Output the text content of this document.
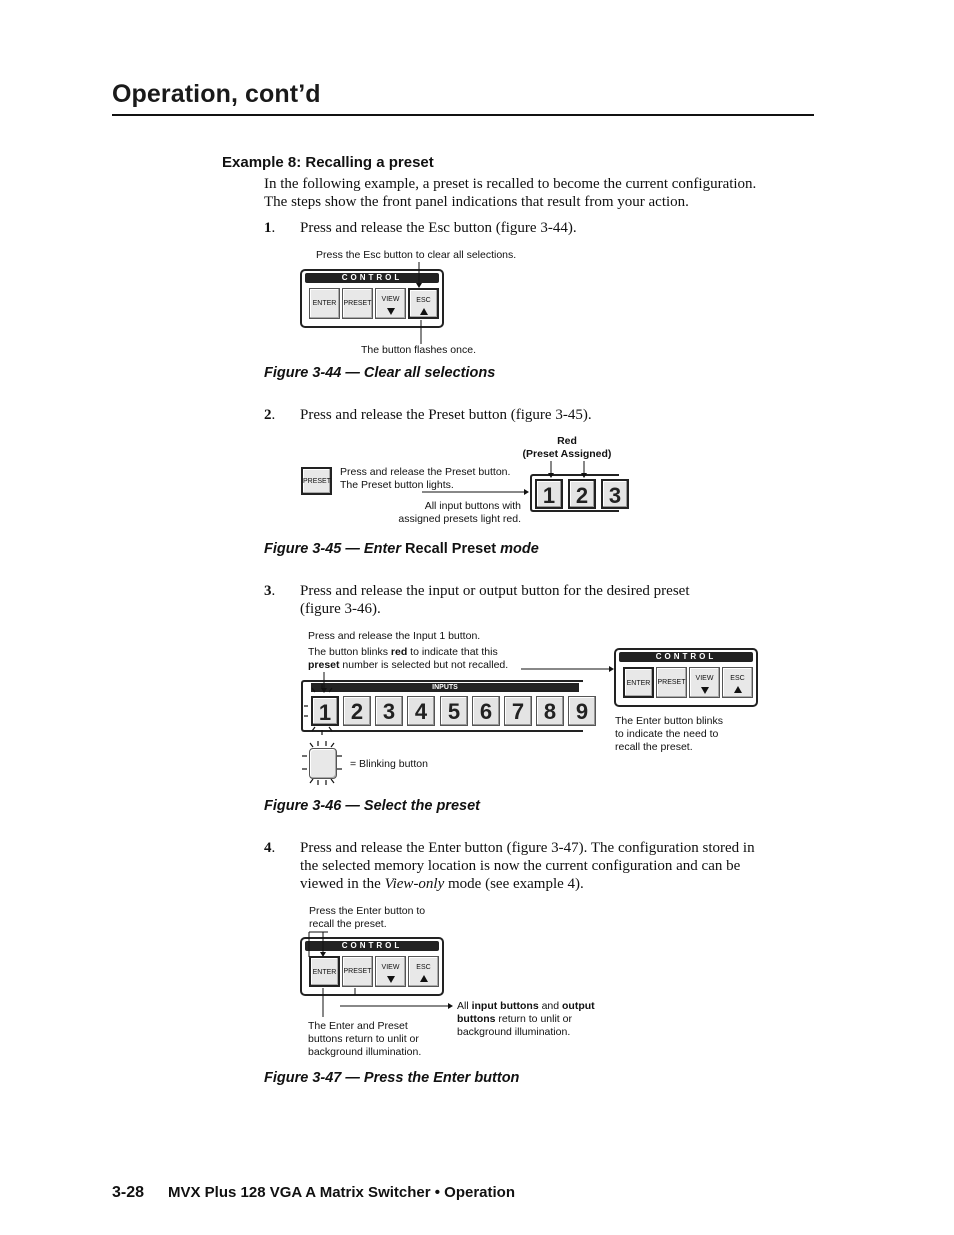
Operation, cont’d
Example 8: Recalling a preset
In the following example, a preset is recalled to become the current configuration.
The steps show the front panel indications that result from your action.
1. Press and release the Esc button (figure 3-44).
Press the Esc button to clear all selections.
CONTROL
ENTER	PRESET
VIEW	ESC
The button flashes once.
Figure 3-44 — Clear all selections
2. Press and release the Preset button (figure 3-45).
Red
(Preset Assigned)
PRESET
Press and release the Preset button.
The Preset button lights.	1 2 3
All input buttons with
assigned presets light red.
Figure 3-45 — Enter Recall Preset mode
3. Press and release the input or output button for the desired preset
(figure 3-46).
Press and release the Input 1 button.
The button blinks red to indicate that this
preset number is selected but not recalled.
INPUTS
1 2 3 4 5 6 7 8 9
= Blinking button
CONTROL
ENTER PRESET
VIEW	ESC
The Enter button blinks
to indicate the need to
recall the preset.
Figure 3-46 — Select the preset
4. Press and release the Enter button (figure 3-47). The configuration stored in
the selected memory location is now the current configuration and can be
viewed in the View-only mode (see example 4).
Press the Enter button to
recall the preset.
CONTROL
ENTER PRESET
VIEW	ESC
The Enter and Preset
buttons return to unlit or
background illumination.
All input buttons and output
buttons return to unlit or
background illumination.
Figure 3-47 — Press the Enter button
3-28 MVX Plus 128 VGA A Matrix Switcher • Operation
